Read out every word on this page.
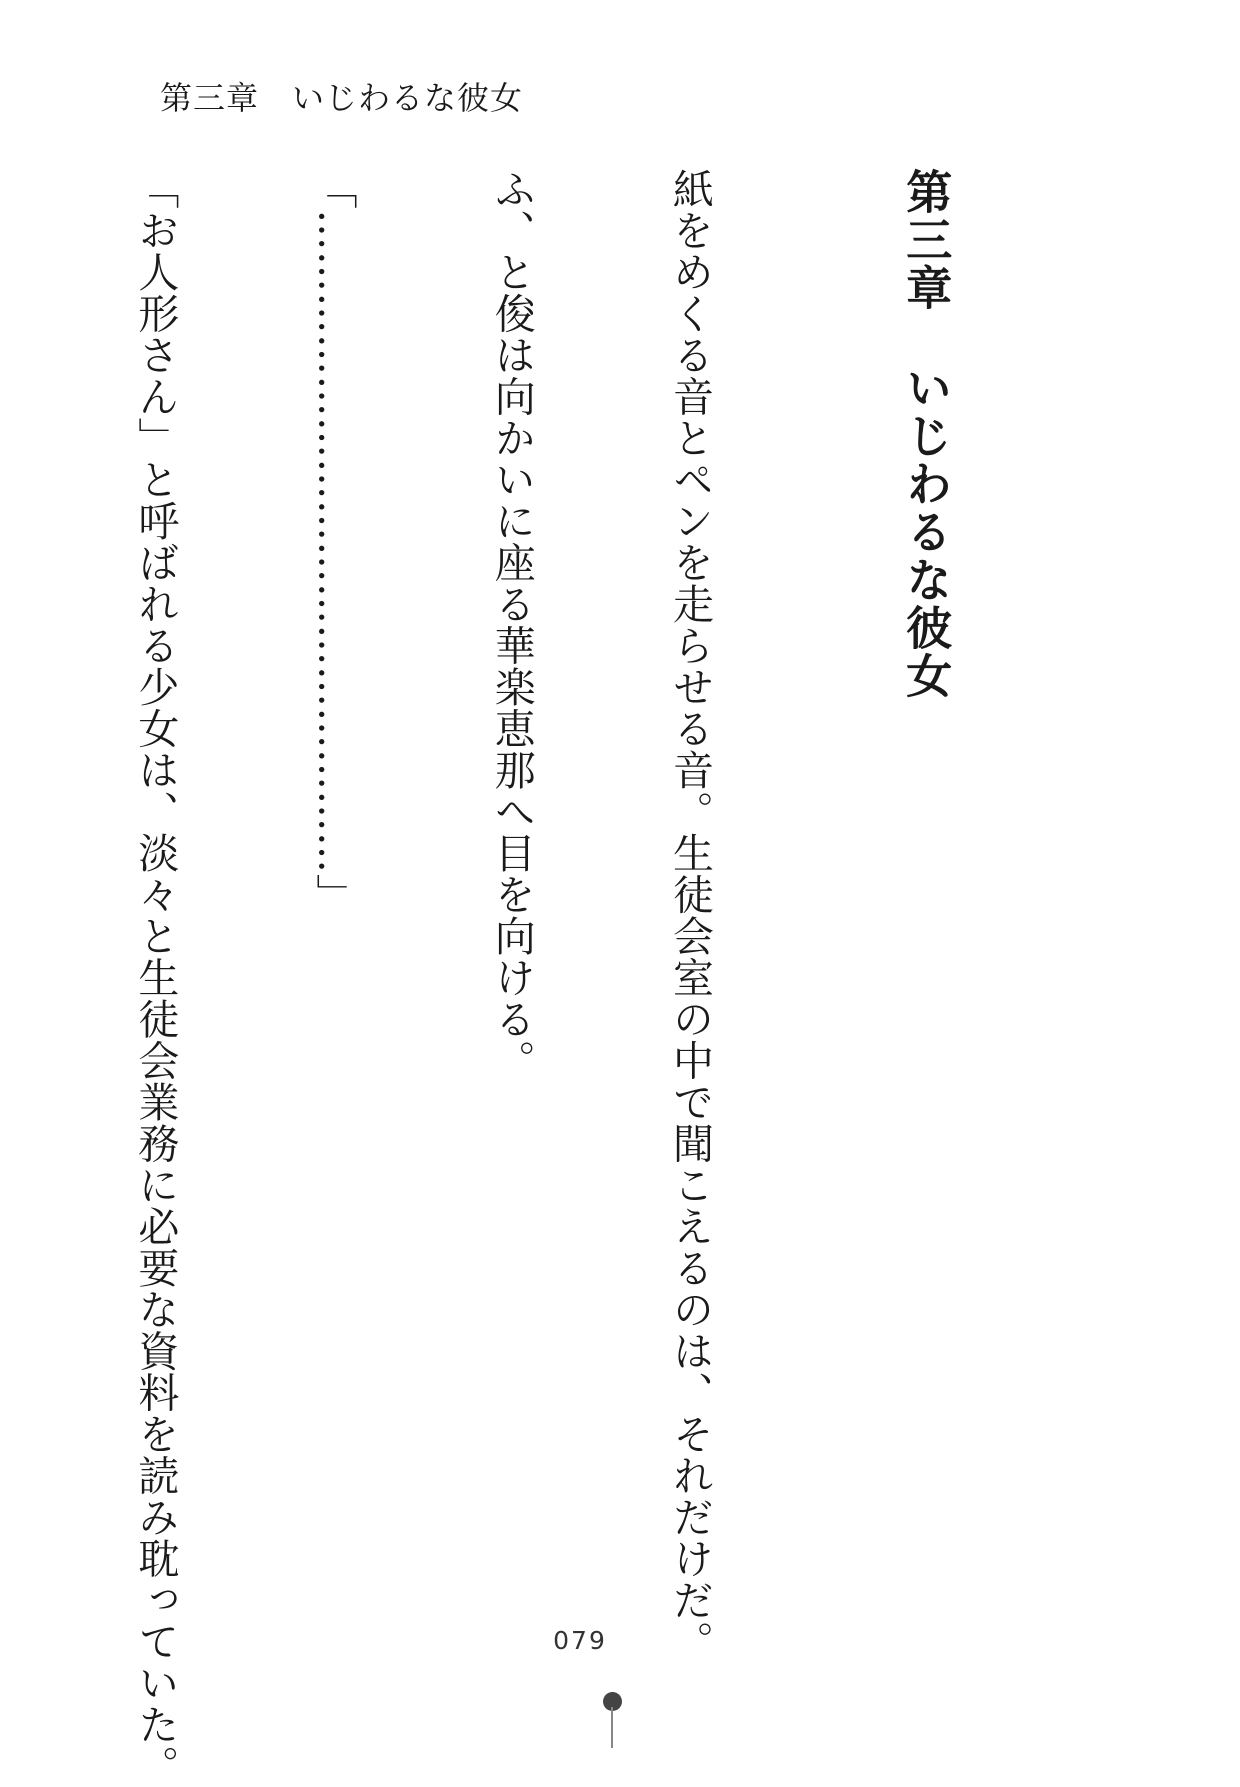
第三章　いじわるな彼女

第三章いじわるな彼女

紙をめくる音とペンを走らせる音。生徒会室の中で聞こえるのは、それだけだ。

ふ、と俊は向かいに座る華楽恵那へ目を向ける。

「…………………………………………」

「お人形さん」と呼ばれる少女は、淡々と生徒会業務に必要な資料を読み耽っていた。

	079
